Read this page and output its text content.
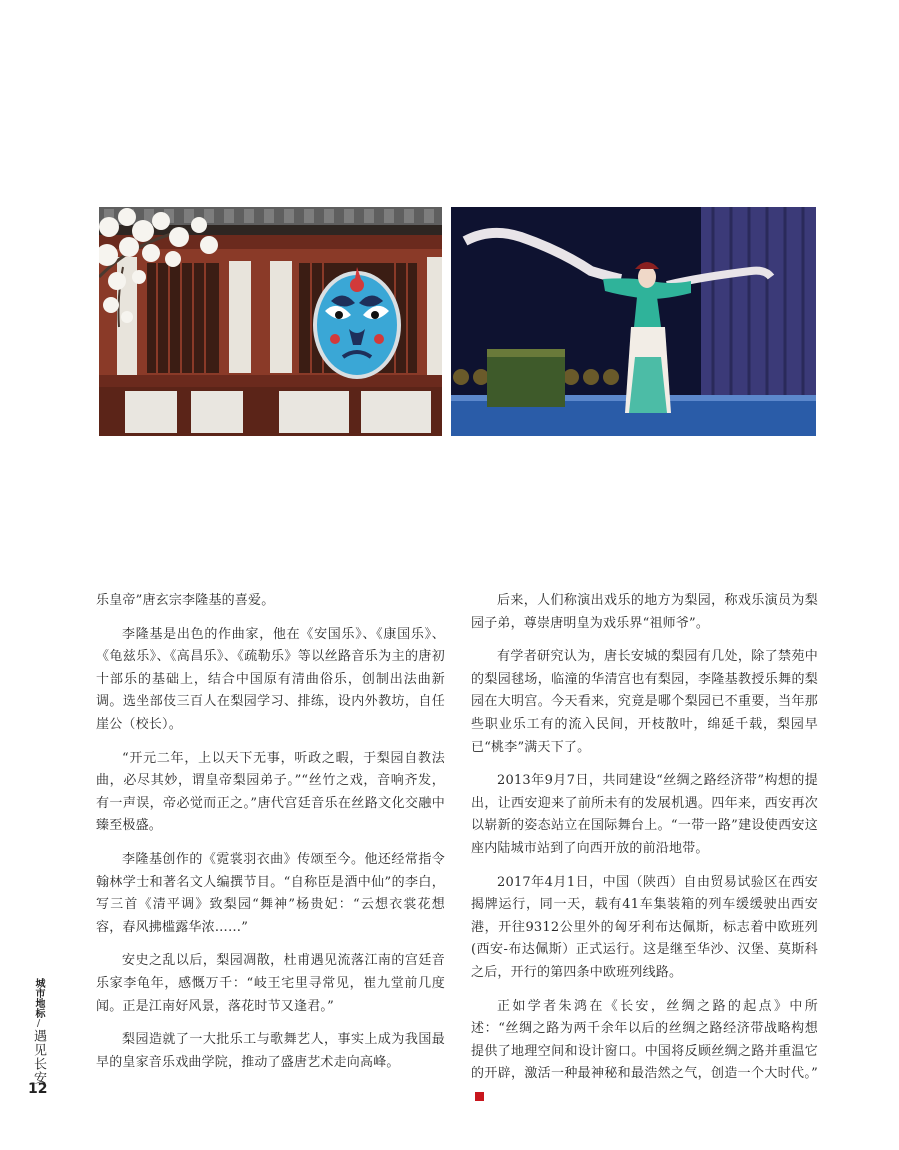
乐皇帝”唐玄宗李隆基的喜爱。

李隆基是出色的作曲家，他在《安国乐》、《康国乐》、《龟兹乐》、《高昌乐》、《疏勒乐》等以丝路音乐为主的唐初十部乐的基础上，结合中国原有清曲俗乐，创制出法曲新调。选坐部伎三百人在梨园学习、排练，设内外教坊，自任崖公（校长）。

“开元二年，上以天下无事，听政之暇，于梨园自教法曲，必尽其妙，谓皇帝梨园弟子。”“丝竹之戏，音响齐发，有一声误，帝必觉而正之。”唐代宫廷音乐在丝路文化交融中臻至极盛。

李隆基创作的《霓裳羽衣曲》传颂至今。他还经常指令翰林学士和著名文人编撰节目。“自称臣是酒中仙”的李白，写三首《清平调》致梨园“舞神”杨贵妃：“云想衣裳花想容，春风拂槛露华浓……”

安史之乱以后，梨园凋散，杜甫遇见流落江南的宫廷音乐家李龟年，感慨万千：“岐王宅里寻常见，崔九堂前几度闻。正是江南好风景，落花时节又逢君。”

梨园造就了一大批乐工与歌舞艺人，事实上成为我国最早的皇家音乐戏曲学院，推动了盛唐艺术走向高峰。

后来，人们称演出戏乐的地方为梨园，称戏乐演员为梨园子弟，尊崇唐明皇为戏乐界“祖师爷”。

有学者研究认为，唐长安城的梨园有几处，除了禁苑中的梨园毬场，临潼的华清宫也有梨园，李隆基教授乐舞的梨园在大明宫。今天看来，究竟是哪个梨园已不重要，当年那些职业乐工有的流入民间，开枝散叶，绵延千载，梨园早已“桃李”满天下了。

2013年9月7日，共同建设“丝绸之路经济带”构想的提出，让西安迎来了前所未有的发展机遇。四年来，西安再次以崭新的姿态站立在国际舞台上。“一带一路”建设使西安这座内陆城市站到了向西开放的前沿地带。

2017年4月1日，中国（陕西）自由贸易试验区在西安揭牌运行，同一天，载有41车集装箱的列车缓缓驶出西安港，开往9312公里外的匈牙利布达佩斯，标志着中欧班列(西安-布达佩斯）正式运行。这是继至华沙、汉堡、莫斯科之后，开行的第四条中欧班列线路。

正如学者朱鸿在《长安，丝绸之路的起点》中所述：“丝绸之路为两千余年以后的丝绸之路经济带战略构想提供了地理空间和设计窗口。中国将反顾丝绸之路并重温它的开辟，激活一种最神秘和最浩然之气，创造一个大时代。”

城市地标/遇见长安
12
